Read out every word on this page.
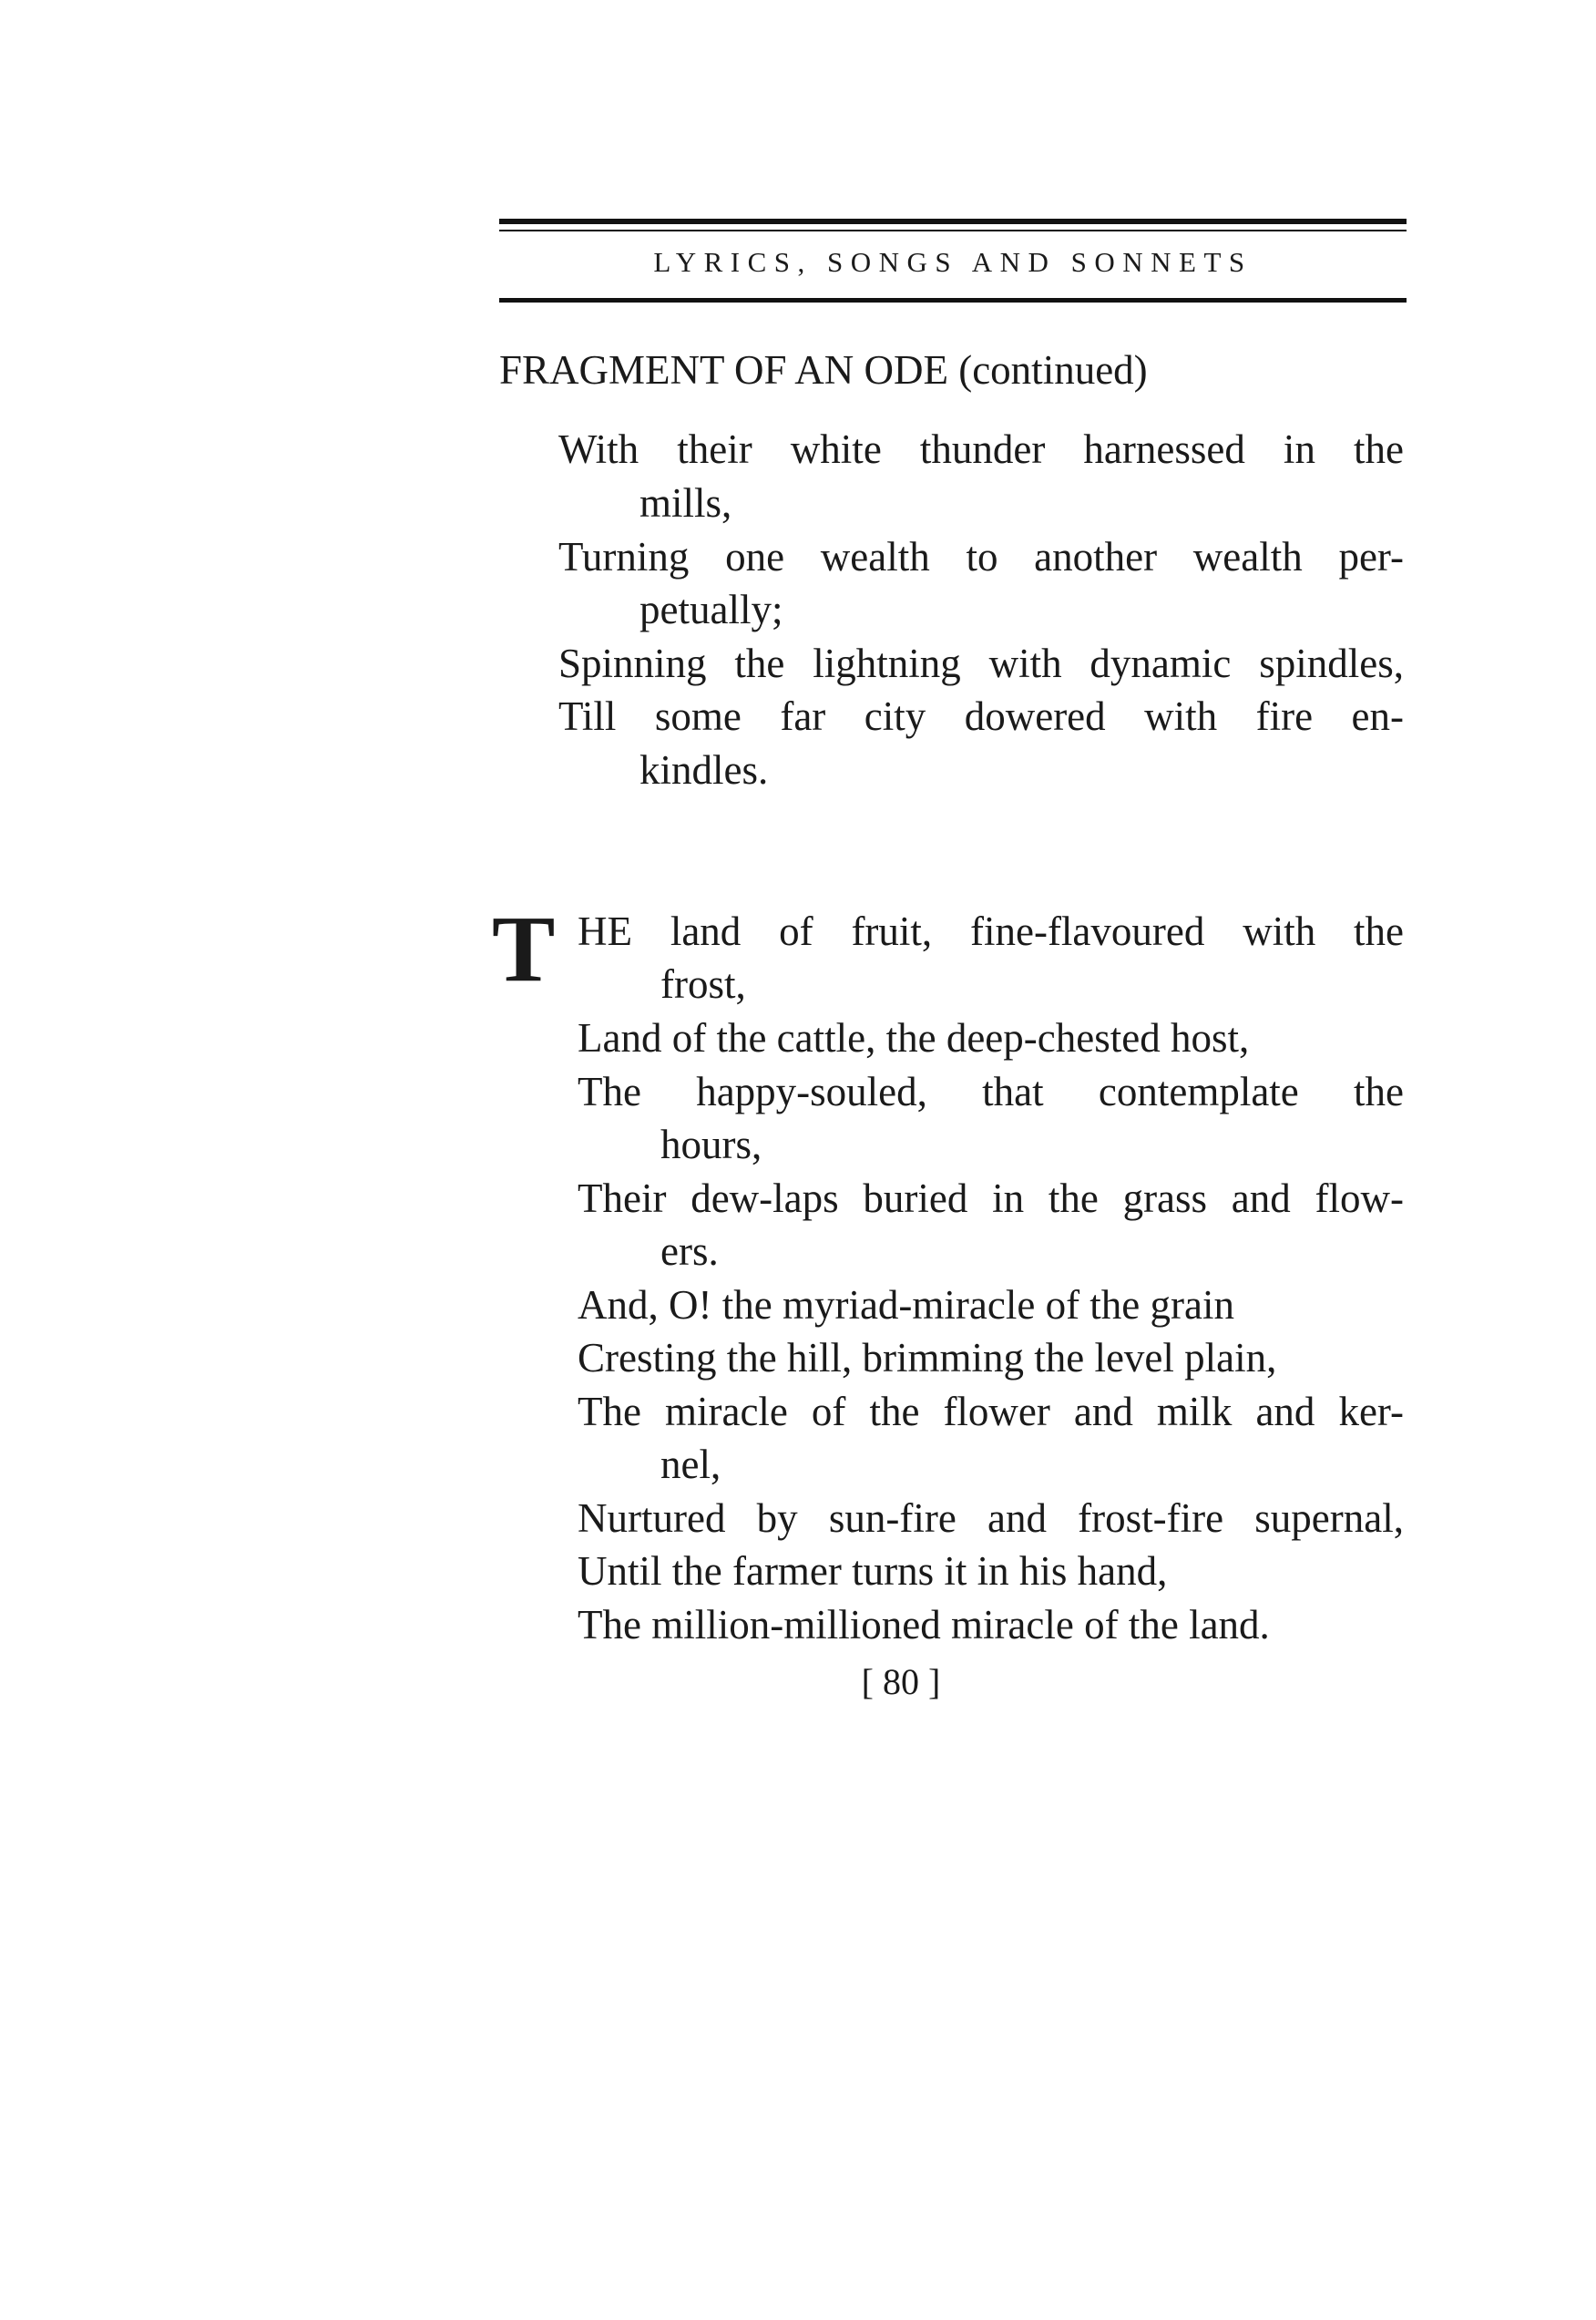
LYRICS, SONGS AND SONNETS
FRAGMENT OF AN ODE (continued)
With their white thunder harnessed in the
mills,
Turning one wealth to another wealth per-
petually;
Spinning the lightning with dynamic spindles,
Till some far city dowered with fire en-
kindles.
T HE land of fruit, fine-flavoured with the
frost,
Land of the cattle, the deep-chested host,
The happy-souled, that contemplate the
hours,
Their dew-laps buried in the grass and flow-
ers.
And, O! the myriad-miracle of the grain
Cresting the hill, brimming the level plain,
The miracle of the flower and milk and ker-
nel,
Nurtured by sun-fire and frost-fire supernal,
Until the farmer turns it in his hand,
The million-millioned miracle of the land.
[ 80 ]
